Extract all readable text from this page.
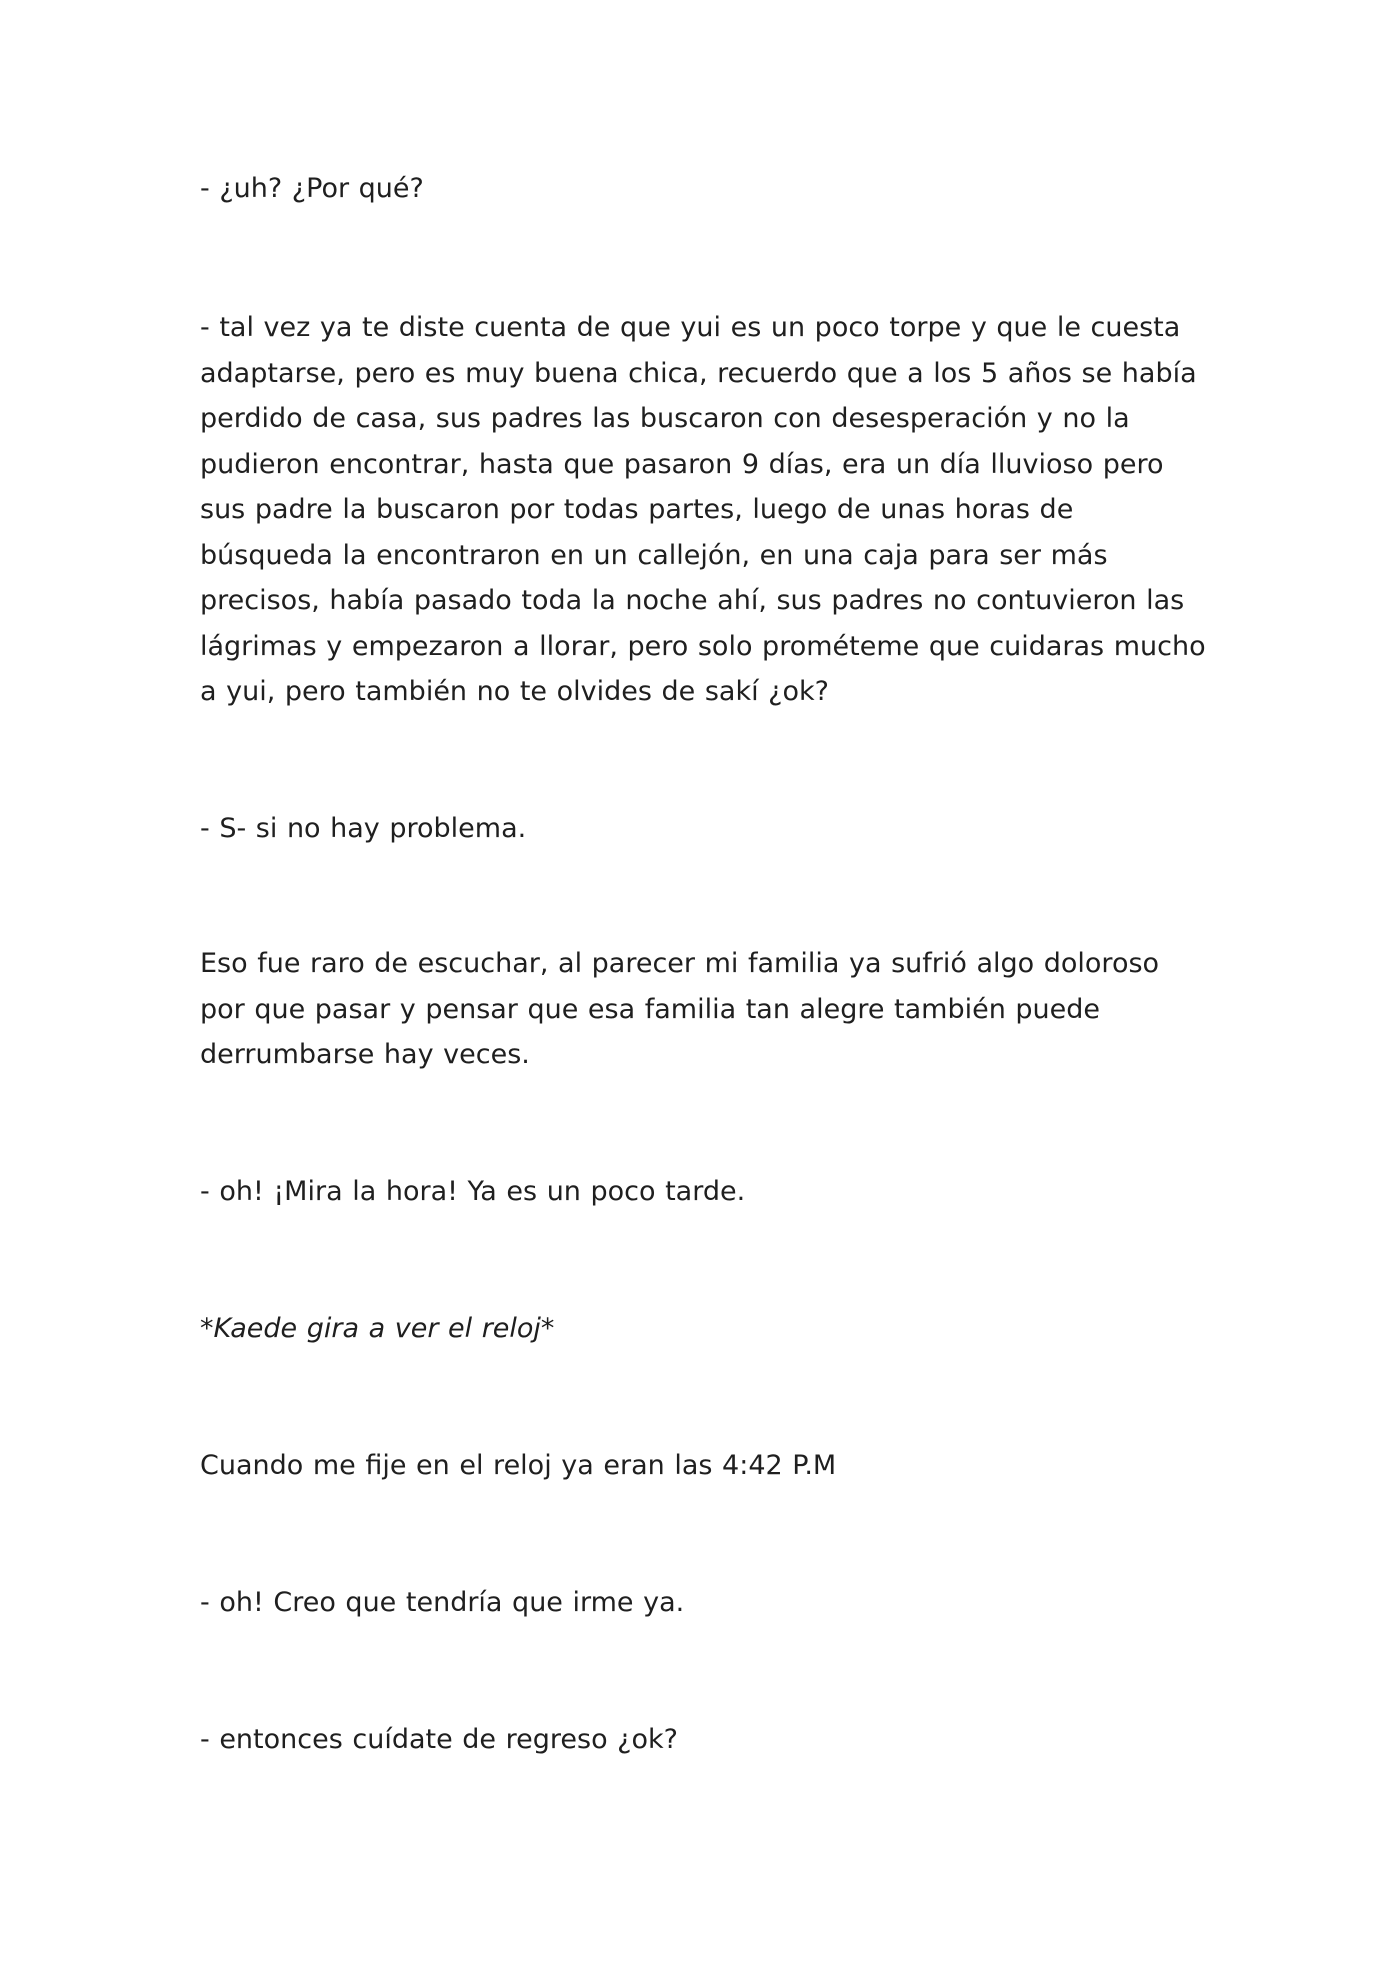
- ¿uh? ¿Por qué?

- tal vez ya te diste cuenta de que yui es un poco torpe y que le cuesta adaptarse, pero es muy buena chica, recuerdo que a los 5 años se había perdido de casa, sus padres las buscaron con desesperación y no la pudieron encontrar, hasta que pasaron 9 días, era un día lluvioso pero sus padre la buscaron por todas partes, luego de unas horas de búsqueda la encontraron en un callejón, en una caja para ser más precisos, había pasado toda la noche ahí, sus padres no contuvieron las lágrimas y empezaron a llorar, pero solo prométeme que cuidaras mucho a yui, pero también no te olvides de sakí ¿ok?

- S- si no hay problema.

Eso fue raro de escuchar, al parecer mi familia ya sufrió algo doloroso por que pasar y pensar que esa familia tan alegre también puede derrumbarse hay veces.

- oh! ¡Mira la hora! Ya es un poco tarde.

*Kaede gira a ver el reloj*

Cuando me fije en el reloj ya eran las 4:42 P.M

- oh! Creo que tendría que irme ya.

- entonces cuídate de regreso ¿ok?
